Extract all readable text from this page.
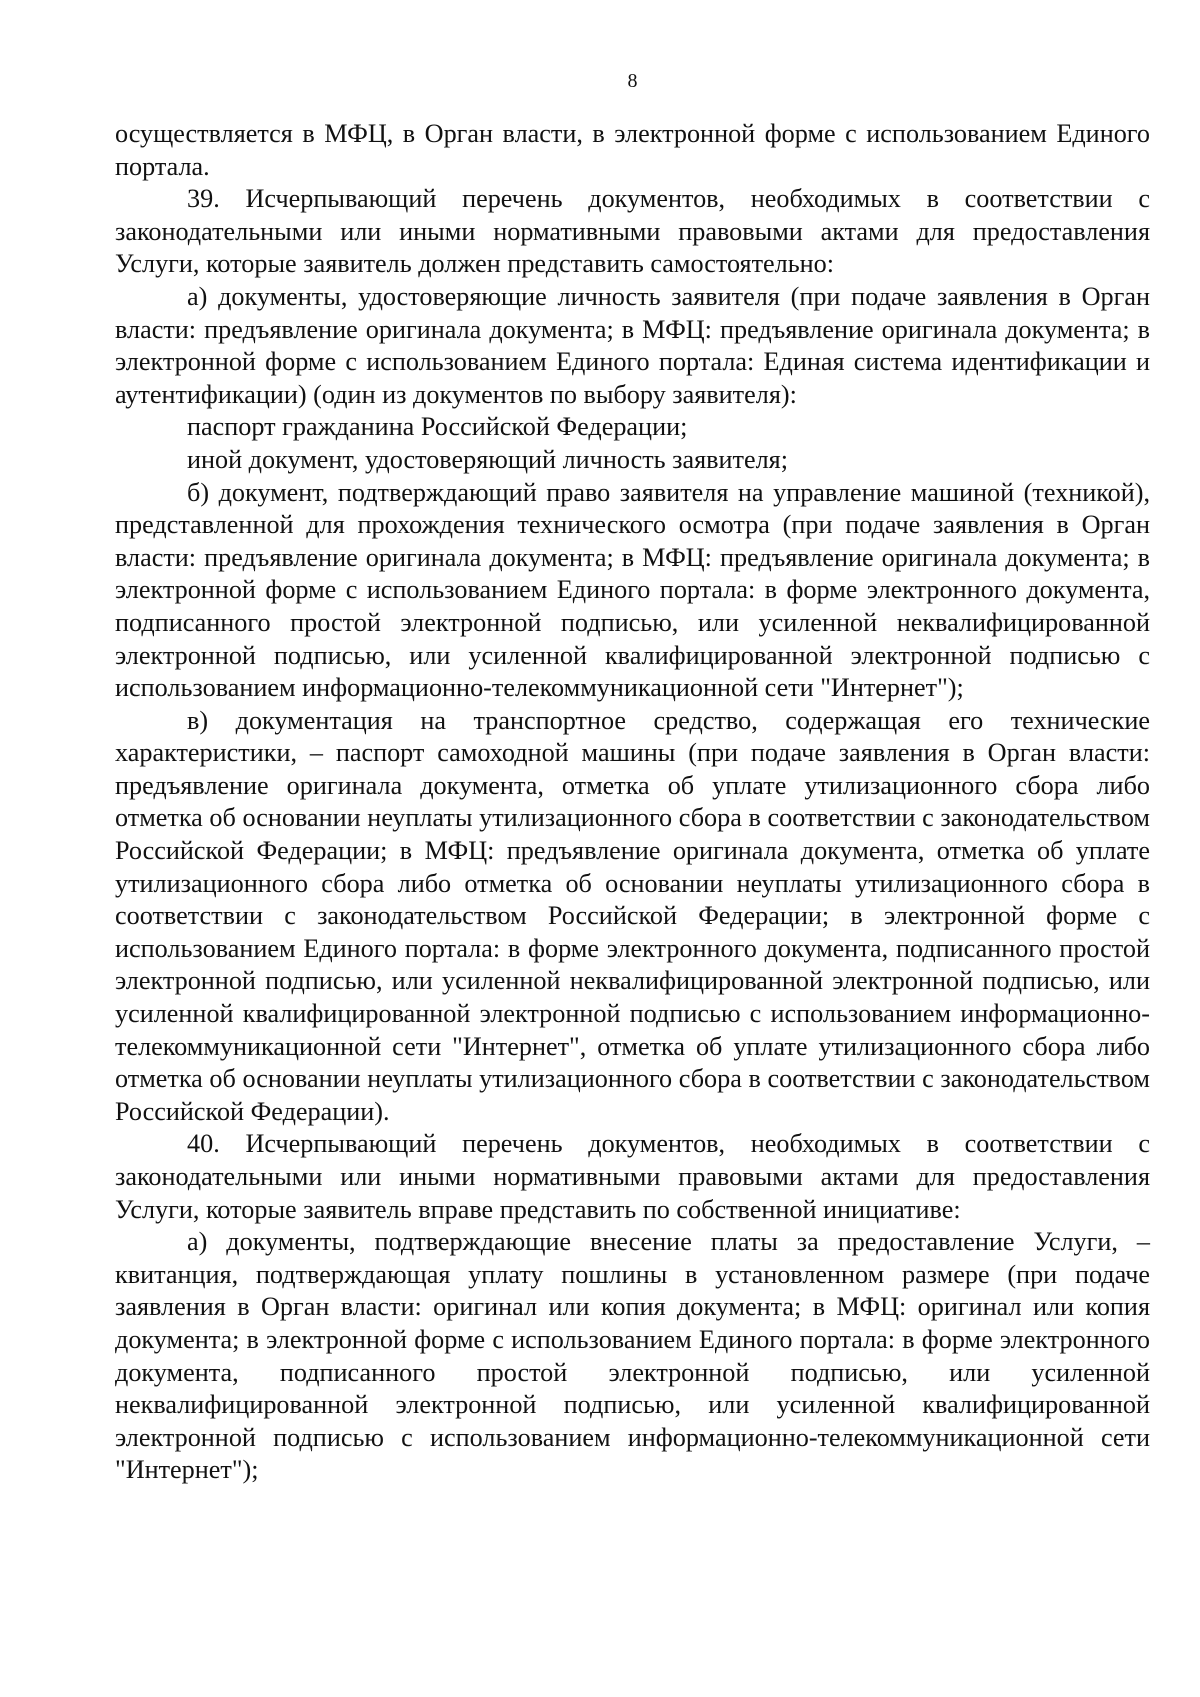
8

осуществляется в МФЦ, в Орган власти, в электронной форме с использованием Единого портала.

39. Исчерпывающий перечень документов, необходимых в соответствии с законодательными или иными нормативными правовыми актами для предоставления Услуги, которые заявитель должен представить самостоятельно:

а) документы, удостоверяющие личность заявителя (при подаче заявления в Орган власти: предъявление оригинала документа; в МФЦ: предъявление оригинала документа; в электронной форме с использованием Единого портала: Единая система идентификации и аутентификации) (один из документов по выбору заявителя):

паспорт гражданина Российской Федерации;

иной документ, удостоверяющий личность заявителя;

б) документ, подтверждающий право заявителя на управление машиной (техникой), представленной для прохождения технического осмотра (при подаче заявления в Орган власти: предъявление оригинала документа; в МФЦ: предъявление оригинала документа; в электронной форме с использованием Единого портала: в форме электронного документа, подписанного простой электронной подписью, или усиленной неквалифицированной электронной подписью, или усиленной квалифицированной электронной подписью с использованием информационно-телекоммуникационной сети "Интернет");

в) документация на транспортное средство, содержащая его технические характеристики, – паспорт самоходной машины (при подаче заявления в Орган власти: предъявление оригинала документа, отметка об уплате утилизационного сбора либо отметка об основании неуплаты утилизационного сбора в соответствии с законодательством Российской Федерации; в МФЦ: предъявление оригинала документа, отметка об уплате утилизационного сбора либо отметка об основании неуплаты утилизационного сбора в соответствии с законодательством Российской Федерации; в электронной форме с использованием Единого портала: в форме электронного документа, подписанного простой электронной подписью, или усиленной неквалифицированной электронной подписью, или усиленной квалифицированной электронной подписью с использованием информационно-телекоммуникационной сети "Интернет", отметка об уплате утилизационного сбора либо отметка об основании неуплаты утилизационного сбора в соответствии с законодательством Российской Федерации).

40. Исчерпывающий перечень документов, необходимых в соответствии с законодательными или иными нормативными правовыми актами для предоставления Услуги, которые заявитель вправе представить по собственной инициативе:

а) документы, подтверждающие внесение платы за предоставление Услуги, – квитанция, подтверждающая уплату пошлины в установленном размере (при подаче заявления в Орган власти: оригинал или копия документа; в МФЦ: оригинал или копия документа; в электронной форме с использованием Единого портала: в форме электронного документа, подписанного простой электронной подписью, или усиленной неквалифицированной электронной подписью, или усиленной квалифицированной электронной подписью с использованием информационно-телекоммуникационной сети "Интернет");
